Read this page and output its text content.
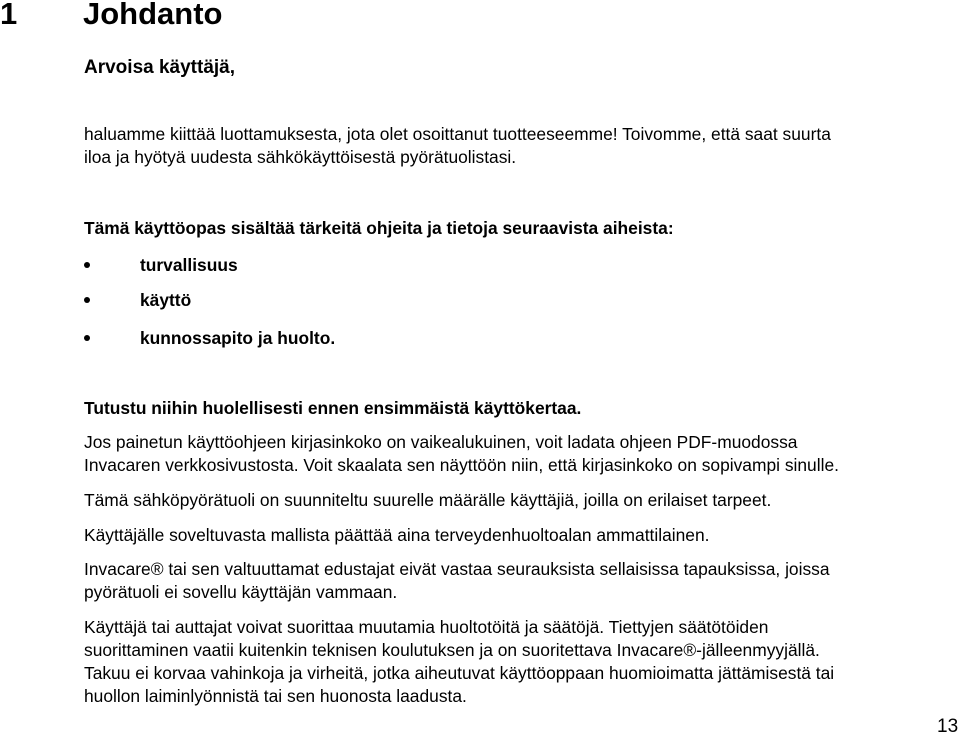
1 Johdanto
Arvoisa käyttäjä,
haluamme kiittää luottamuksesta, jota olet osoittanut tuotteeseemme! Toivomme, että saat suurta
iloa ja hyötyä uudesta sähkökäyttöisestä pyörätuolistasi.
Tämä käyttöopas sisältää tärkeitä ohjeita ja tietoja seuraavista aiheista:
turvallisuus
käyttö
kunnossapito ja huolto.
Tutustu niihin huolellisesti ennen ensimmäistä käyttökertaa.
Jos painetun käyttöohjeen kirjasinkoko on vaikealukuinen, voit ladata ohjeen PDF-muodossa
Invacaren verkkosivustosta. Voit skaalata sen näyttöön niin, että kirjasinkoko on sopivampi sinulle.
Tämä sähköpyörätuoli on suunniteltu suurelle määrälle käyttäjiä, joilla on erilaiset tarpeet.
Käyttäjälle soveltuvasta mallista päättää aina terveydenhuoltoalan ammattilainen.
Invacare® tai sen valtuuttamat edustajat eivät vastaa seurauksista sellaisissa tapauksissa, joissa
pyörätuoli ei sovellu käyttäjän vammaan.
Käyttäjä tai auttajat voivat suorittaa muutamia huoltotöitä ja säätöjä. Tiettyjen säätötöiden
suorittaminen vaatii kuitenkin teknisen koulutuksen ja on suoritettava Invacare®-jälleenmyyjällä.
Takuu ei korvaa vahinkoja ja virheitä, jotka aiheutuvat käyttöoppaan huomioimatta jättämisestä tai
huollon laiminlyönnistä tai sen huonosta laadusta.
13
